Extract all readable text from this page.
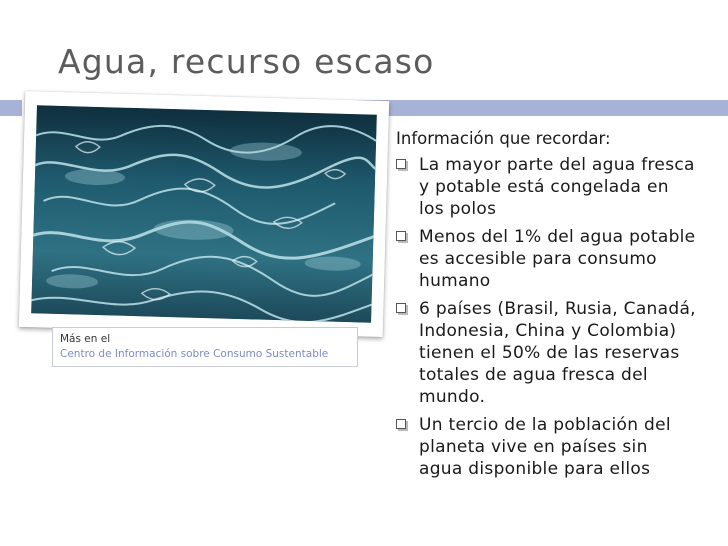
Agua, recurso escaso
Más en el
Centro de Información sobre Consumo Sustentable
Información que recordar:
La mayor parte del agua fresca y potable está congelada en los polos
Menos del 1% del agua potable es accesible para consumo humano
6 países (Brasil, Rusia, Canadá, Indonesia, China y Colombia) tienen el 50% de las reservas totales de agua fresca del mundo.
Un tercio de la población del planeta vive en países sin agua disponible para ellos
